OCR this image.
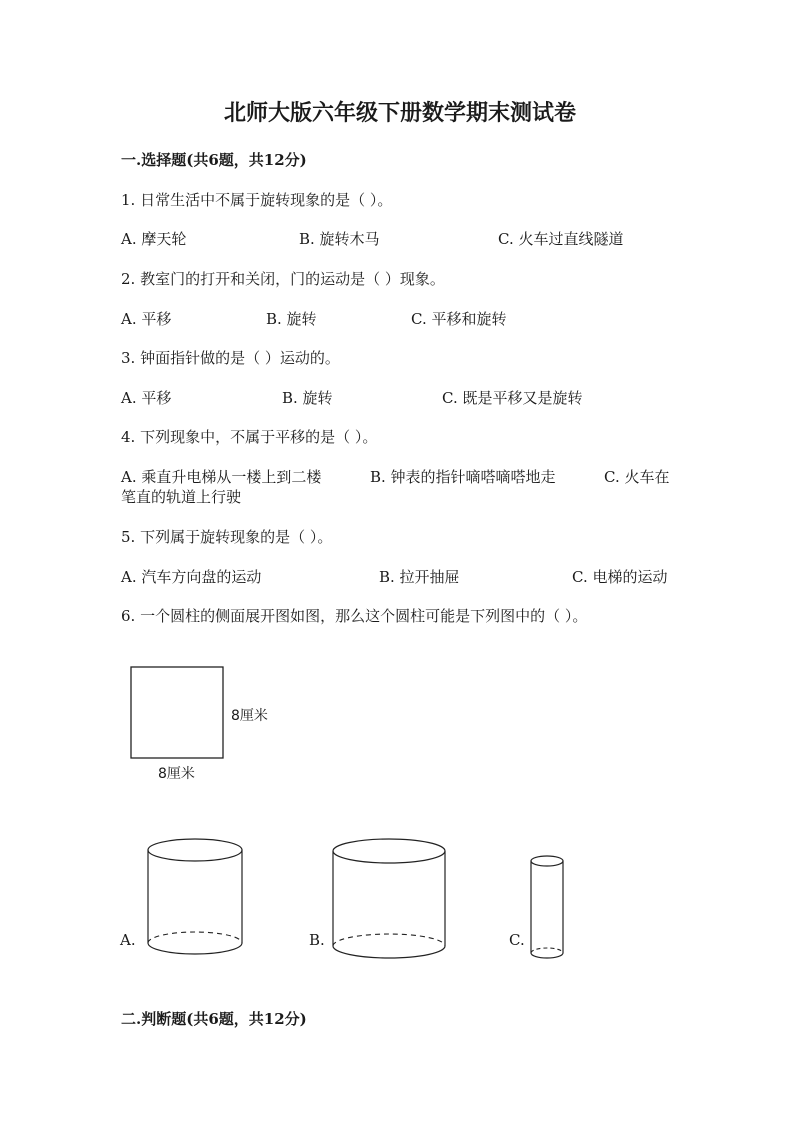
北师大版六年级下册数学期末测试卷
一.选择题(共6题，共12分)
1. 日常生活中不属于旋转现象的是（ ）。
A. 摩天轮	B. 旋转木马	C. 火车过直线隧道
2. 教室门的打开和关闭，门的运动是（ ）现象。
A. 平移	B. 旋转	C. 平移和旋转
3. 钟面指针做的是（ ）运动的。
A. 平移	B. 旋转	C. 既是平移又是旋转
4. 下列现象中，不属于平移的是（ ）。
A. 乘直升电梯从一楼上到二楼	B. 钟表的指针嘀嗒嘀嗒地走	C. 火车在
笔直的轨道上行驶
5. 下列属于旋转现象的是（ ）。
A. 汽车方向盘的运动	B. 拉开抽屉	C. 电梯的运动
6. 一个圆柱的侧面展开图如图，那么这个圆柱可能是下列图中的（ ）。
8厘米
8厘米
A.	B.	C.
二.判断题(共6题，共12分)
